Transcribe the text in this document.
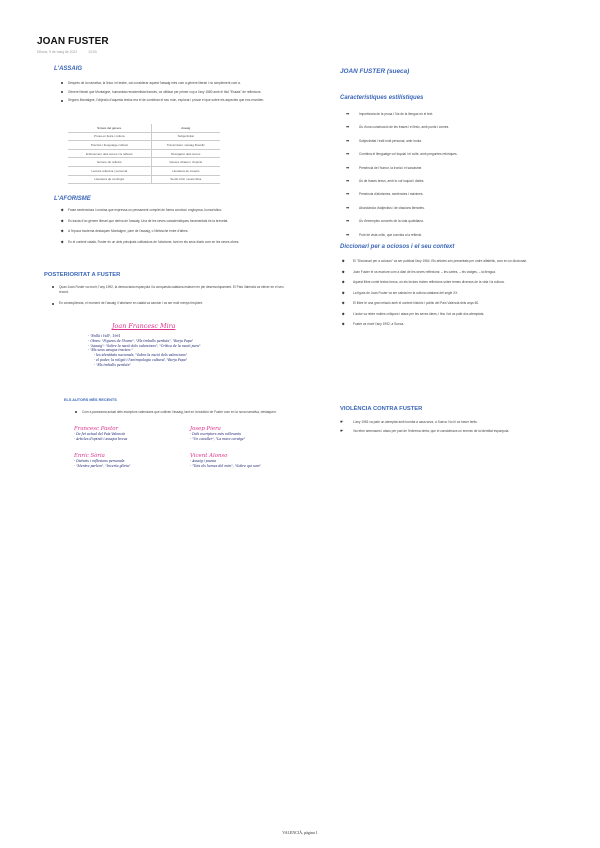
JOAN FUSTER
Dilluns, 9 de maig de 2022	13:53
L'ASSAIG
Després de la narrativa, la lírica i el teatre, cal considerar aquest l'assaig més com a gènere literari i no simplement com a.
Gènere literari que Montaigne, humanista renaixentista francès, va utilitzar per primer cop a l'any 1580 amb el títol "Essais" de reflexions.
Segons Montaigne, l'objectiu d'aquests textos era el de combinar el seu món, explorar i provar el que sobre els aspectes que ens envolten.
Síntesi del gènere	Assaig
Prosa en lletra i cultura	Subjectivitat
Precisió i llenguatge cultivat	Transmissió i assaig filosòfic
Enfocament dels temes i la reflexió	Divulgació dels temes
Gènere de reflexió	Gènere d'idees i d'opinió
Lectura reflexiva i personal	Literatura de creació
Literatura de contingut	Sentit crític i autocrítica
L'AFORISME
Frase sentenciosa i concisa que expressa un pensament complet de forma concisa i enginyosa, humorística.
Es tracta d'un gènere literari que deriva de l'assaig. Una de les seves característiques fonamentals és la brevetat.
A l'època moderna destaquen Montaigne, pare de l'assaig, o Nietzsche entre d'altres.
En el context català, Fuster és un dels principals cultivadors de l'aforisme, tant en els seus diaris com en les seves obres.
POSTERIORITAT A FUSTER
Quan Joan Fuster va morir, l'any 1992, la democràcia espanyola i la conquesta catalana estaven en ple desenvolupament. El País Valencià va néixer en el seu record.
En conseqüència, el moment de l'assaig i l'aforisme en català va canviar i va ser molt menys freqüent.
Joan Francesc Mira
- "Enllà i Vall", 1991
- Obres: "Figures de l'home", "Els treballs perduts", "Borja Papa"
- "Assaig": "Sobre la nació dels valencians", "Crítica de la nació pura"
- "Els seus assajos tracten:"
- les identitats nacionals, "Sobre la nació dels valencians"
- el poder, la religió i l'antropologia cultural, "Borja Papa"
- "Els treballs perduts"
ELS AUTORS MÉS RECENTS
Com a panorama actual dels escriptors valencians que cultiven l'assaig, tant en la tradició de Fuster com en la nova narrativa, destaquen:
Francesc Pastor
- De fet actual del País Valencià
- Articles d'opinió i assajos breus
Josep Piera
- Dels escriptors més rellevants
- "Un cavaller", "La mare coratge"
Enric Sòria
- Dietaris i reflexions personals
- "Mentre parlem", "Incerta glòria"
Vicent Alonso
- Assaig i poesia
- "Tots els homes del món", "Sobre qui som"
JOAN FUSTER (sueca)
Característiques estilístiques
➡	Importància de la prosa i l'ús de la llengua en el text.
➡	Ús d'una construcció de les frases i el lèxic, amb punts i comes.
➡	Subjectivitat i estil molt personal, amb ironia.
➡	Combina el llenguatge col·loquial i el culte, amb preguntes retòriques.
➡	Presència de l'humor, la ironia i el sarcasme.
➡	Ús de frases breus, amb to col·loquial i distès.
➡	Presència d'aforismes, sentències i màximes.
➡	Abundància d'adjectius i de citacions literàries.
➡	Ús d'exemples concrets de la vida quotidiana.
➡	Punt de vista crític, que convida a la reflexió.
Diccionari per a ociosos i el seu context
El "Diccionari per a ociosos" va ser publicat l'any 1964. Els articles són presentats per ordre alfabètic, com en un diccionari.
Joan Fuster el va escriure com a diari de les seves reflexions: – les cartes, – els viatges, – la llengua.
Aquest llibre conté textos breus, on els lectors troben reflexions sobre temes diversos de la vida i la cultura.
La figura de Joan Fuster va ser cabdal en la cultura catalana del segle XX.
El llibre té una gran relació amb el context històric i polític del País Valencià dels anys 60.
L'autor va rebre moltes crítiques i atacs per les seves idees, i fins i tot va patir dos atemptats.
Fuster va morir l'any 1992, a Sueca.
VIOLÈNCIA CONTRA FUSTER
☛	L'any 1981 va patir un atemptat amb bomba a casa seva, a Sueca. No hi va haver ferits.
☛	Va rebre amenaces i atacs per part de l'extrema dreta, que el considerava un enemic de la identitat espanyola.
VALENCIÀ, pàgina 1
